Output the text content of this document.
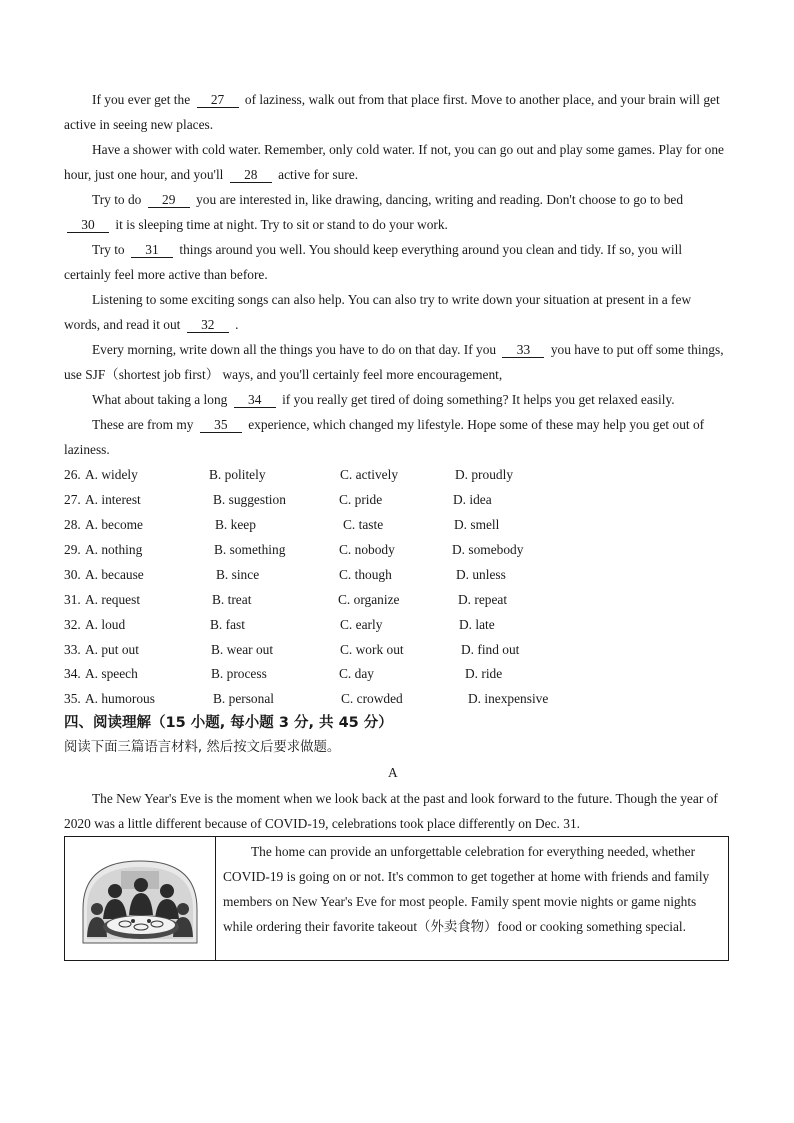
If you ever get the 27 of laziness, walk out from that place first. Move to another place, and your brain will get active in seeing new places.
Have a shower with cold water. Remember, only cold water. If not, you can go out and play some games. Play for one hour, just one hour, and you'll 28 active for sure.
Try to do 29 you are interested in, like drawing, dancing, writing and reading. Don't choose to go to bed 30 it is sleeping time at night. Try to sit or stand to do your work.
Try to 31 things around you well. You should keep everything around you clean and tidy. If so, you will certainly feel more active than before.
Listening to some exciting songs can also help. You can also try to write down your situation at present in a few words, and read it out 32 .
Every morning, write down all the things you have to do on that day. If you 33 you have to put off some things, use SJF（shortest job first） ways, and you'll certainly feel more encouragement,
What about taking a long 34 if you really get tired of doing something? It helps you get relaxed easily.
These are from my 35 experience, which changed my lifestyle. Hope some of these may help you get out of laziness.
26. A. widely	B. politely	C. actively	D. proudly
27. A. interest	B. suggestion	C. pride	D. idea
28. A. become	B. keep	C. taste	D. smell
29. A. nothing	B. something	C. nobody	D. somebody
30. A. because	B. since	C. though	D. unless
31. A. request	B. treat	C. organize	D. repeat
32. A. loud	B. fast	C. early	D. late
33. A. put out	B. wear out	C. work out	D. find out
34. A. speech	B. process	C. day	D. ride
35. A. humorous	B. personal	C. crowded	D. inexpensive
四、阅读理解（15 小题, 每小题 3 分, 共 45 分）
阅读下面三篇语言材料, 然后按文后要求做题。
A
The New Year's Eve is the moment when we look back at the past and look forward to the future. Though the year of 2020 was a little different because of COVID-19, celebrations took place differently on Dec. 31.
The home can provide an unforgettable celebration for everything needed, whether COVID-19 is going on or not. It's common to get together at home with friends and family members on New Year's Eve for most people. Family spent movie nights or game nights while ordering their favorite takeout（外卖食物）food or cooking something special.
